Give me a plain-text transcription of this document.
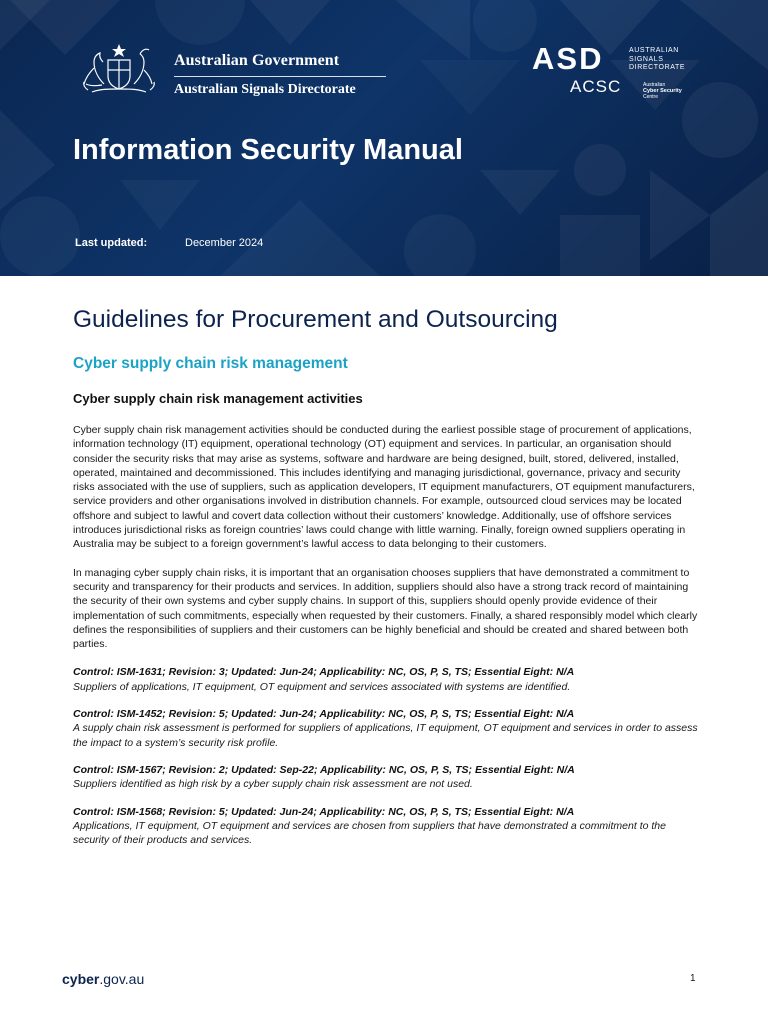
Australian Government
Australian Signals Directorate
ASD	AUSTRALIAN
SIGNALS
DIRECTORATE
ACSC	Australian
Cyber Security
Centre
Information Security Manual
Last updated:	December 2024
Guidelines for Procurement and Outsourcing
Cyber supply chain risk management
Cyber supply chain risk management activities

Cyber supply chain risk management activities should be conducted during the earliest possible stage of procurement of applications, information technology (IT) equipment, operational technology (OT) equipment and services. In particular, an organisation should consider the security risks that may arise as systems, software and hardware are being designed, built, stored, delivered, installed, operated, maintained and decommissioned. This includes identifying and managing jurisdictional, governance, privacy and security risks associated with the use of suppliers, such as application developers, IT equipment manufacturers, OT equipment manufacturers, service providers and other organisations involved in distribution channels. For example, outsourced cloud services may be located offshore and subject to lawful and covert data collection without their customers’ knowledge. Additionally, use of offshore services introduces jurisdictional risks as foreign countries’ laws could change with little warning. Finally, foreign owned suppliers operating in Australia may be subject to a foreign government’s lawful access to data belonging to their customers.

In managing cyber supply chain risks, it is important that an organisation chooses suppliers that have demonstrated a commitment to security and transparency for their products and services. In addition, suppliers should also have a strong track record of maintaining the security of their own systems and cyber supply chains. In support of this, suppliers should openly provide evidence of their implementation of such commitments, especially when requested by their customers. Finally, a shared responsibly model which clearly defines the responsibilities of suppliers and their customers can be highly beneficial and should be created and shared between both parties.

Control: ISM-1631; Revision: 3; Updated: Jun-24; Applicability: NC, OS, P, S, TS; Essential Eight: N/A
Suppliers of applications, IT equipment, OT equipment and services associated with systems are identified.
Control: ISM-1452; Revision: 5; Updated: Jun-24; Applicability: NC, OS, P, S, TS; Essential Eight: N/A
A supply chain risk assessment is performed for suppliers of applications, IT equipment, OT equipment and services in order to assess the impact to a system’s security risk profile.
Control: ISM-1567; Revision: 2; Updated: Sep-22; Applicability: NC, OS, P, S, TS; Essential Eight: N/A
Suppliers identified as high risk by a cyber supply chain risk assessment are not used.
Control: ISM-1568; Revision: 5; Updated: Jun-24; Applicability: NC, OS, P, S, TS; Essential Eight: N/A
Applications, IT equipment, OT equipment and services are chosen from suppliers that have demonstrated a commitment to the security of their products and services.
cyber.gov.au	1
